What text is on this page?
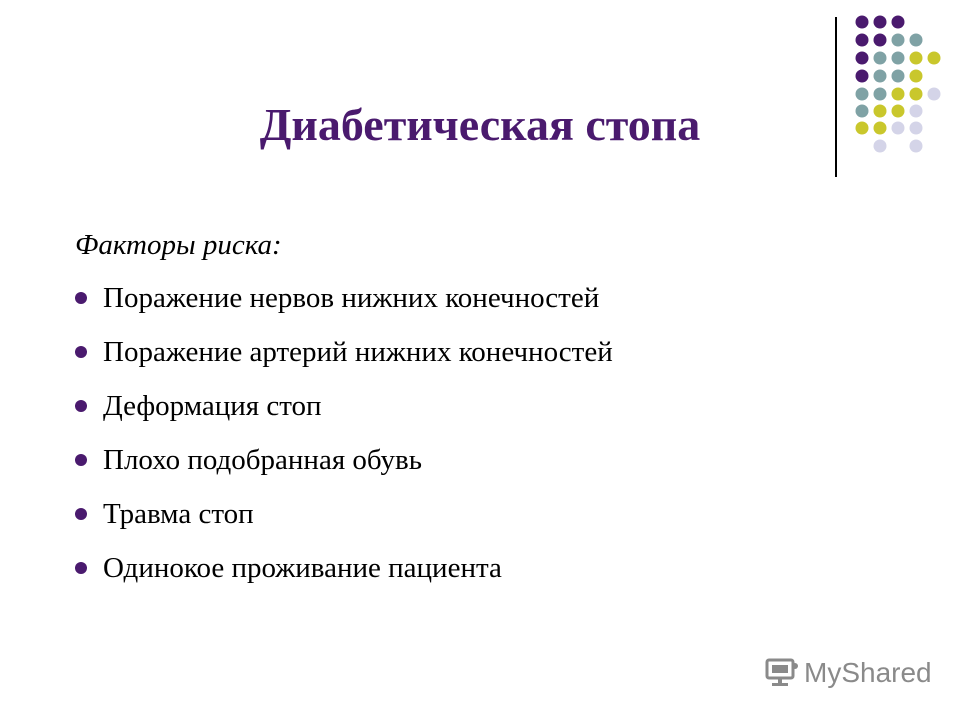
Диабетическая стопа
Факторы риска:
Поражение нервов нижних конечностей
Поражение артерий нижних конечностей
Деформация стоп
Плохо подобранная обувь
Травма стоп
Одинокое проживание пациента
MyShared
